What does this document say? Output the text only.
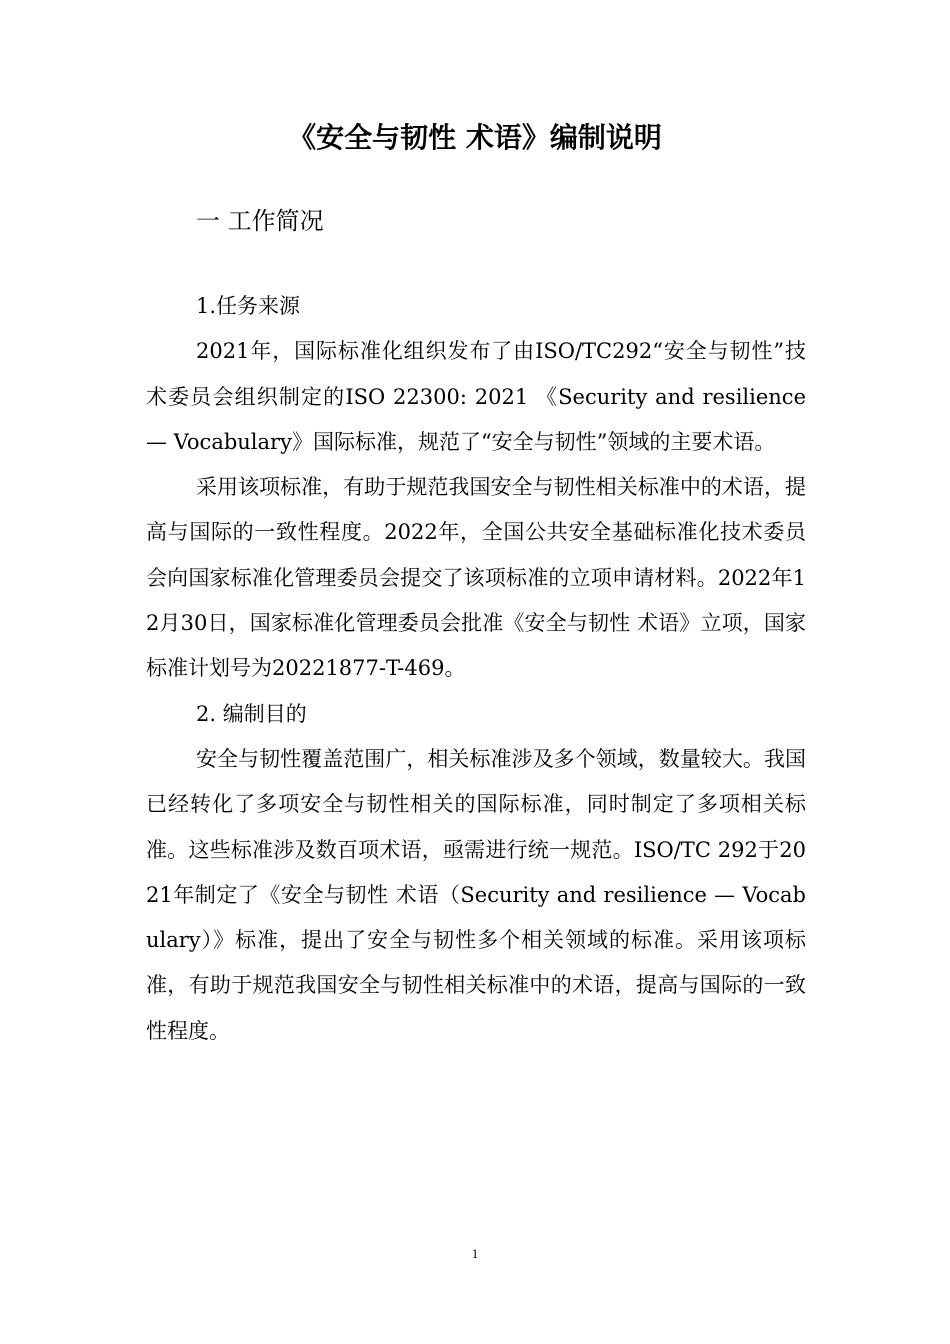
《安全与韧性 术语》编制说明
一 工作简况

1.任务来源

2021年，国际标准化组织发布了由ISO/TC292“安全与韧性”技术委员会组织制定的ISO 22300: 2021 《Security and resilience — Vocabulary》国际标准，规范了“安全与韧性”领域的主要术语。

采用该项标准，有助于规范我国安全与韧性相关标准中的术语，提高与国际的一致性程度。2022年，全国公共安全基础标准化技术委员会向国家标准化管理委员会提交了该项标准的立项申请材料。2022年12月30日，国家标准化管理委员会批准《安全与韧性 术语》立项，国家标准计划号为20221877-T-469。

2. 编制目的

安全与韧性覆盖范围广，相关标准涉及多个领域，数量较大。我国已经转化了多项安全与韧性相关的国际标准，同时制定了多项相关标准。这些标准涉及数百项术语，亟需进行统一规范。ISO/TC 292于2021年制定了《安全与韧性 术语（Security and resilience — Vocabulary）》标准，提出了安全与韧性多个相关领域的标准。采用该项标准，有助于规范我国安全与韧性相关标准中的术语，提高与国际的一致性程度。

1
